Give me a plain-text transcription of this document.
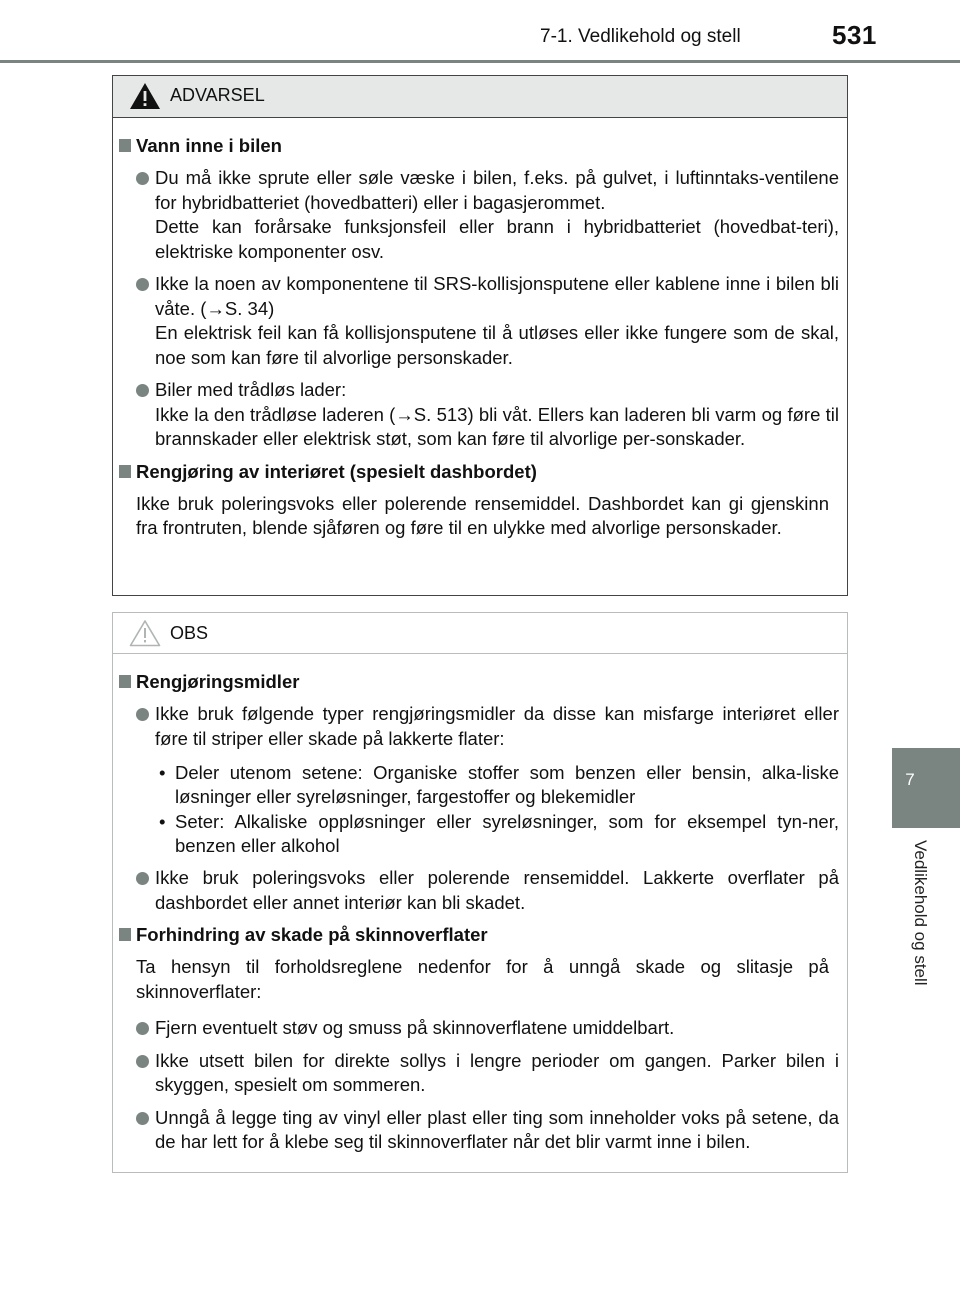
7-1. Vedlikehold og stell	531
7
Vedlikehold og stell
ADVARSEL
Vann inne i bilen
Du må ikke sprute eller søle væske i bilen, f.eks. på gulvet, i luftinntaks-ventilene for hybridbatteriet (hovedbatteri) eller i bagasjerommet.
Dette kan forårsake funksjonsfeil eller brann i hybridbatteriet (hovedbat-teri), elektriske komponenter osv.
Ikke la noen av komponentene til SRS-kollisjonsputene eller kablene inne i bilen bli våte. (→S. 34)
En elektrisk feil kan få kollisjonsputene til å utløses eller ikke fungere som de skal, noe som kan føre til alvorlige personskader.
Biler med trådløs lader:
Ikke la den trådløse laderen (→S. 513) bli våt. Ellers kan laderen bli varm og føre til brannskader eller elektrisk støt, som kan føre til alvorlige per-sonskader.
Rengjøring av interiøret (spesielt dashbordet)
Ikke bruk poleringsvoks eller polerende rensemiddel. Dashbordet kan gi gjenskinn fra frontruten, blende sjåføren og føre til en ulykke med alvorlige personskader.
OBS
Rengjøringsmidler
Ikke bruk følgende typer rengjøringsmidler da disse kan misfarge interiøret eller føre til striper eller skade på lakkerte flater:
• Deler utenom setene: Organiske stoffer som benzen eller bensin, alka-liske løsninger eller syreløsninger, fargestoffer og blekemidler
• Seter: Alkaliske oppløsninger eller syreløsninger, som for eksempel tyn-ner, benzen eller alkohol
Ikke bruk poleringsvoks eller polerende rensemiddel. Lakkerte overflater på dashbordet eller annet interiør kan bli skadet.
Forhindring av skade på skinnoverflater
Ta hensyn til forholdsreglene nedenfor for å unngå skade og slitasje på skinnoverflater:
Fjern eventuelt støv og smuss på skinnoverflatene umiddelbart.
Ikke utsett bilen for direkte sollys i lengre perioder om gangen. Parker bilen i skyggen, spesielt om sommeren.
Unngå å legge ting av vinyl eller plast eller ting som inneholder voks på setene, da de har lett for å klebe seg til skinnoverflater når det blir varmt inne i bilen.
